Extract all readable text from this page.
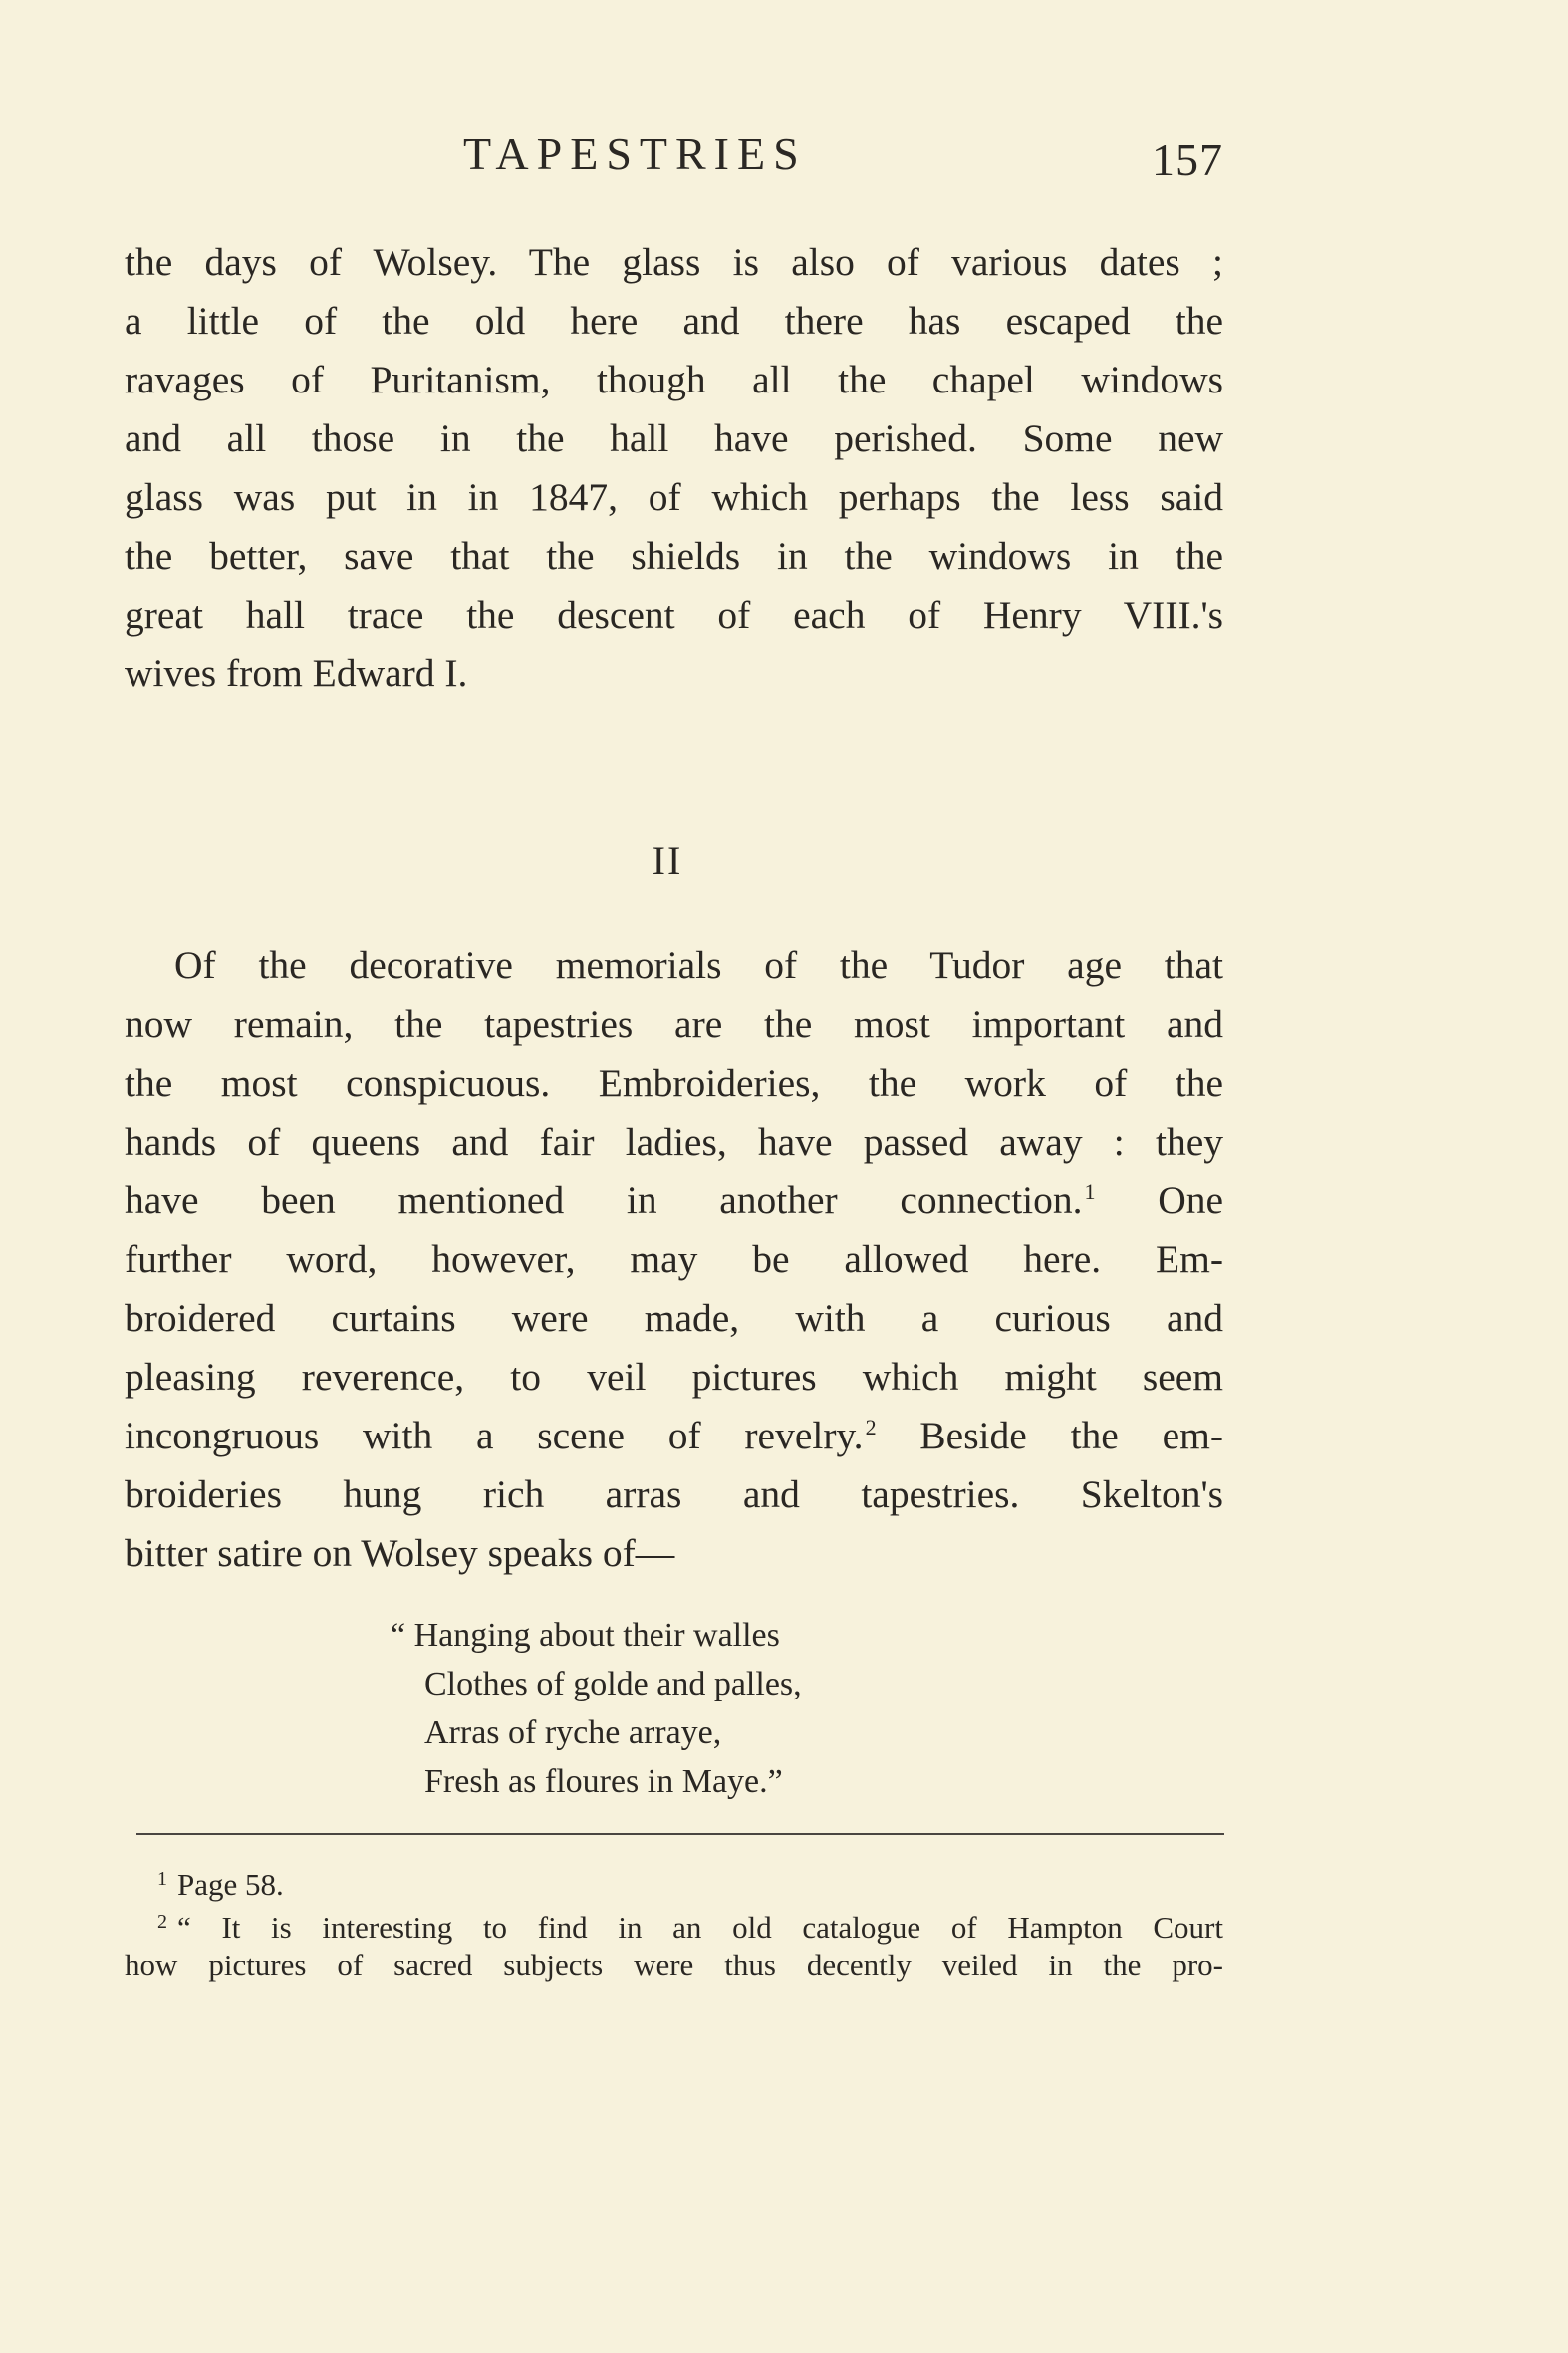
TAPESTRIES	157
the days of Wolsey. The glass is also of various dates ;
a little of the old here and there has escaped the
ravages of Puritanism, though all the chapel windows
and all those in the hall have perished. Some new
glass was put in in 1847, of which perhaps the less said
the better, save that the shields in the windows in the
great hall trace the descent of each of Henry VIII.'s
wives from Edward I.
II
Of the decorative memorials of the Tudor age that
now remain, the tapestries are the most important and
the most conspicuous. Embroideries, the work of the
hands of queens and fair ladies, have passed away : they
have been mentioned in another connection.$^1$ One
further word, however, may be allowed here. Em-
broidered curtains were made, with a curious and
pleasing reverence, to veil pictures which might seem
incongruous with a scene of revelry.$^2$ Beside the em-
broideries hung rich arras and tapestries. Skelton's
bitter satire on Wolsey speaks of—
“ Hanging about their walles
Clothes of golde and palles,
Arras of ryche arraye,
Fresh as floures in Maye.”
$^1$ Page 58.
$^2$ “ It is interesting to find in an old catalogue of Hampton Court
how pictures of sacred subjects were thus decently veiled in the pro-
